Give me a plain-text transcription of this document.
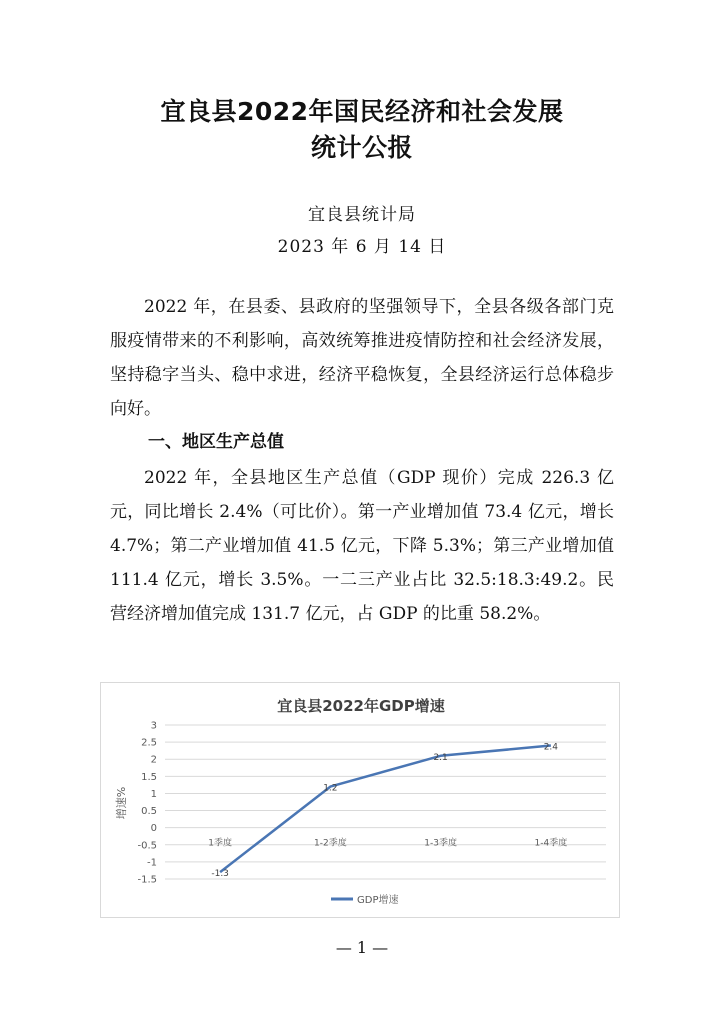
宜良县2022年国民经济和社会发展
统计公报
宜良县统计局
2023 年 6 月 14 日

2022 年，在县委、县政府的坚强领导下，全县各级各部门克服疫情带来的不利影响，高效统筹推进疫情防控和社会经济发展，坚持稳字当头、稳中求进，经济平稳恢复，全县经济运行总体稳步向好。

一、地区生产总值

2022 年，全县地区生产总值（GDP 现价）完成 226.3 亿元，同比增长 2.4%（可比价）。第一产业增加值 73.4 亿元，增长 4.7%；第二产业增加值 41.5 亿元，下降 5.3%；第三产业增加值 111.4 亿元，增长 3.5%。一二三产业占比 32.5:18.3:49.2。民营经济增加值完成 131.7 亿元，占 GDP 的比重 58.2%。

宜良县2022年GDP增速
增速%
3
2.5
2
1.5
1
0.5
0
-0.5
-1
-1.5
1季度	1-2季度	1-3季度	1-4季度
-1.3
1.2
2.1
2.4
GDP增速
— 1 —
